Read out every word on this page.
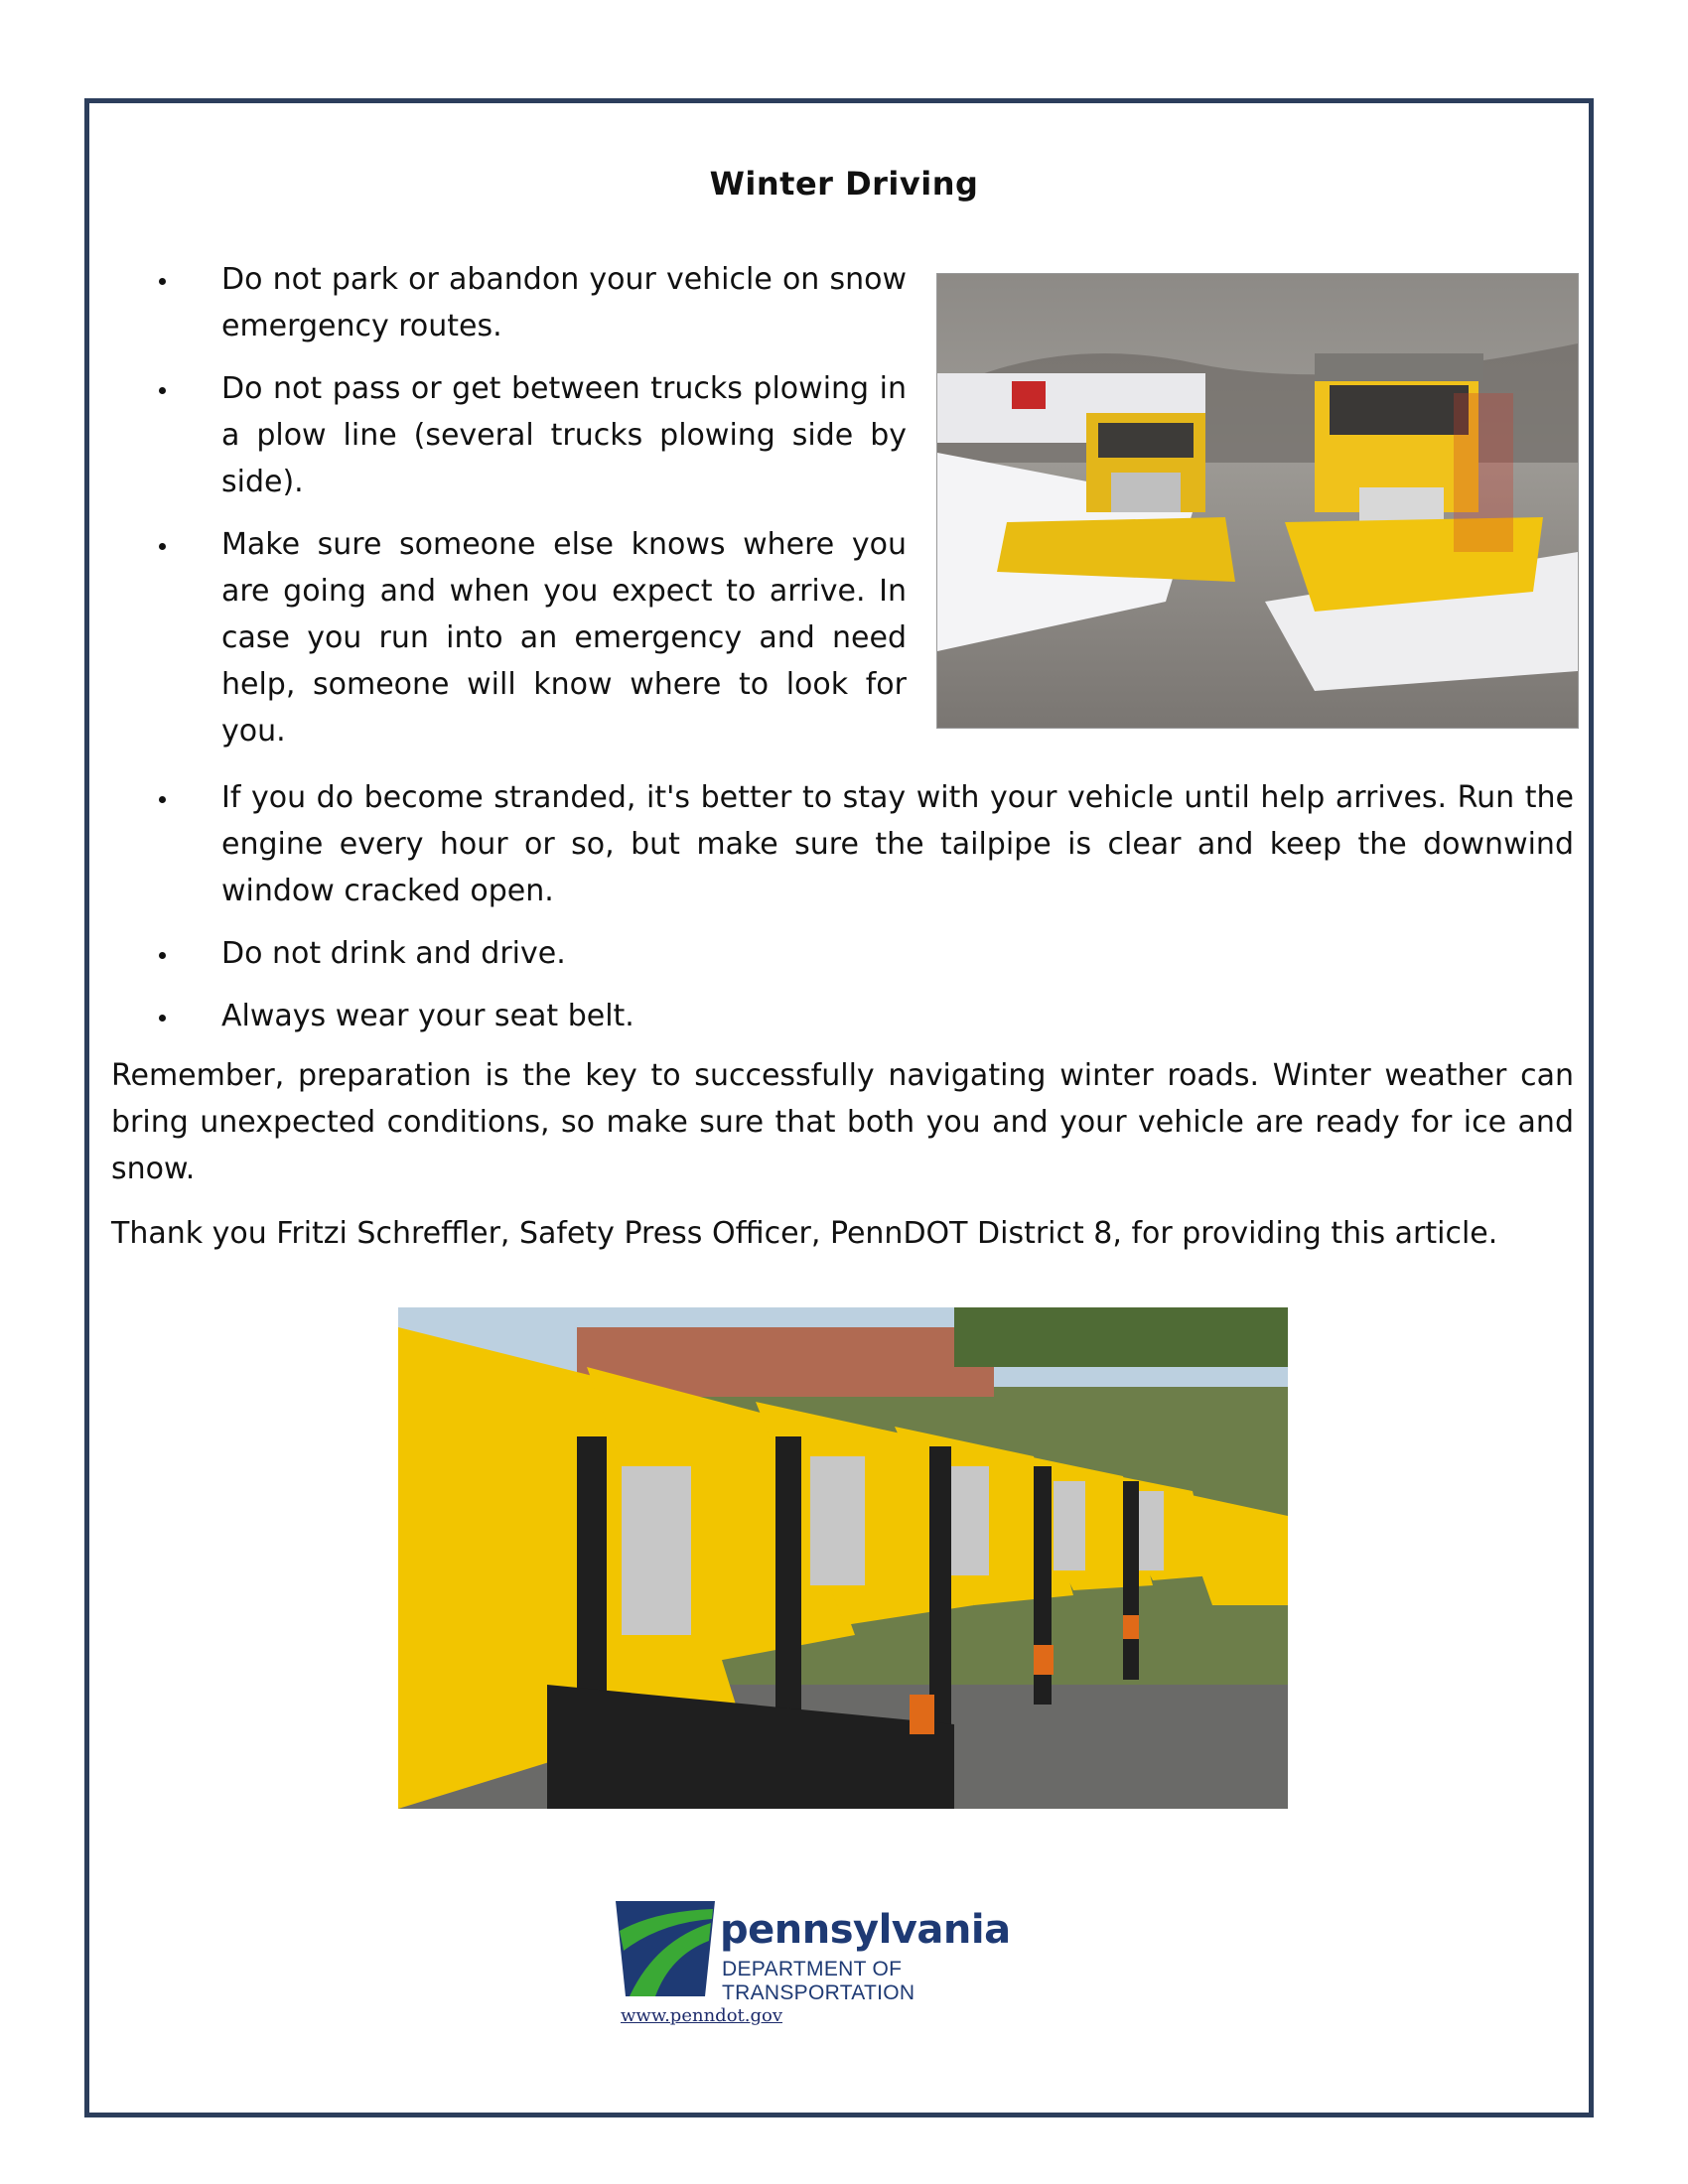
Winter Driving
Do not park or abandon your vehicle on snow emergency routes.
Do not pass or get between trucks plowing in a plow line (several trucks plowing side by side).
Make sure someone else knows where you are going and when you expect to arrive. In case you run into an emergency and need help, someone will know where to look for you.
If you do become stranded, it's better to stay with your vehicle until help arrives. Run the engine every hour or so, but make sure the tailpipe is clear and keep the downwind window cracked open.
Do not drink and drive.
Always wear your seat belt.

Remember, preparation is the key to successfully navigating winter roads. Winter weather can bring unexpected conditions, so make sure that both you and your vehicle are ready for ice and snow.

Thank you Fritzi Schreffler, Safety Press Officer, PennDOT District 8, for providing this article.

pennsylvania
DEPARTMENT OF TRANSPORTATION
www.penndot.gov
